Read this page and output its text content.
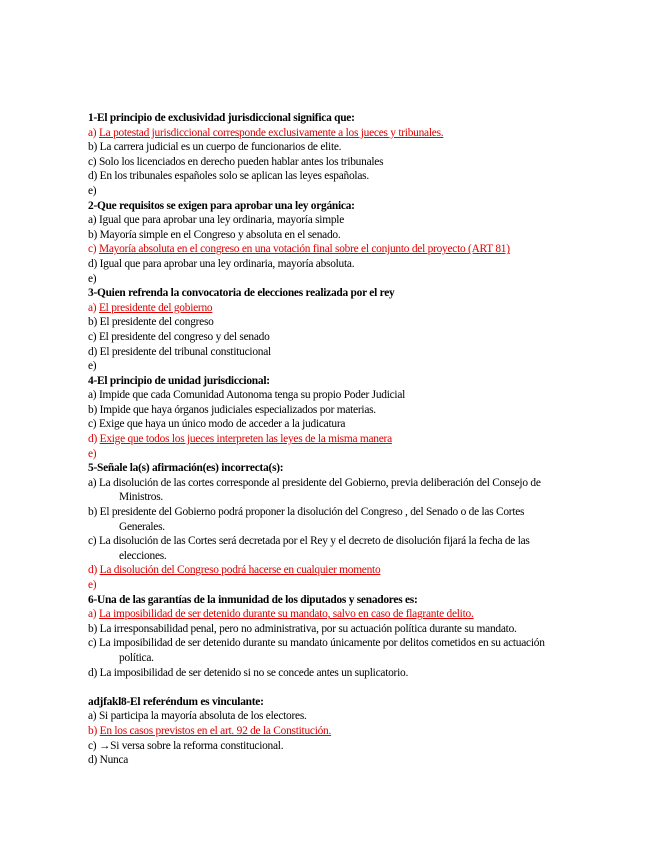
1-El principio de exclusividad jurisdiccional significa que:
a) La potestad jurisdiccional corresponde exclusivamente a los jueces y tribunales.
b) La carrera judicial es un cuerpo de funcionarios de elite.
c) Solo los licenciados en derecho pueden hablar antes los tribunales
d) En los tribunales españoles solo se aplican las leyes españolas.
e)
2-Que requisitos se exigen para aprobar una ley orgánica:
a) Igual que para aprobar una ley ordinaria, mayoría simple
b) Mayoría simple en el Congreso y absoluta en el senado.
c) Mayoría absoluta en el congreso en una votación final sobre el conjunto del proyecto (ART 81)
d) Igual que para aprobar una ley ordinaria, mayoría absoluta.
e)
3-Quien refrenda la convocatoria de elecciones realizada por el rey
a) El presidente del gobierno
b) El presidente del congreso
c) El presidente del congreso y del senado
d) El presidente del tribunal constitucional
e)
4-El principio de unidad jurisdiccional:
a) Impide que cada Comunidad Autonoma tenga su propio Poder Judicial
b) Impide que haya órganos judiciales especializados por materias.
c) Exige que haya un único modo de acceder a la judicatura
d) Exige que todos los jueces interpreten las leyes de la misma manera
e)
5-Señale la(s) afirmación(es) incorrecta(s):
a) La disolución de las cortes corresponde al presidente del Gobierno, previa deliberación del Consejo de Ministros.
b) El presidente del Gobierno podrá proponer la disolución del Congreso , del Senado o de las Cortes Generales.
c) La disolución de las Cortes será decretada por el Rey y el decreto de disolución fijará la fecha de las elecciones.
d) La disolución del Congreso podrá hacerse en cualquier momento
e)
6-Una de las garantías de la inmunidad de los diputados y senadores es:
a) La imposibilidad de ser detenido durante su mandato, salvo en caso de flagrante delito.
b) La irresponsabilidad penal, pero no administrativa, por su actuación política durante su mandato.
c) La imposibilidad de ser detenido durante su mandato únicamente por delitos cometidos en su actuación política.
d) La imposibilidad de ser detenido si no se concede antes un suplicatorio.
adjfakl8-El referéndum es vinculante:
a) Si participa la mayoría absoluta de los electores.
b) En los casos previstos en el art. 92 de la Constitución.
c) →Si versa sobre la reforma constitucional.
d) Nunca
